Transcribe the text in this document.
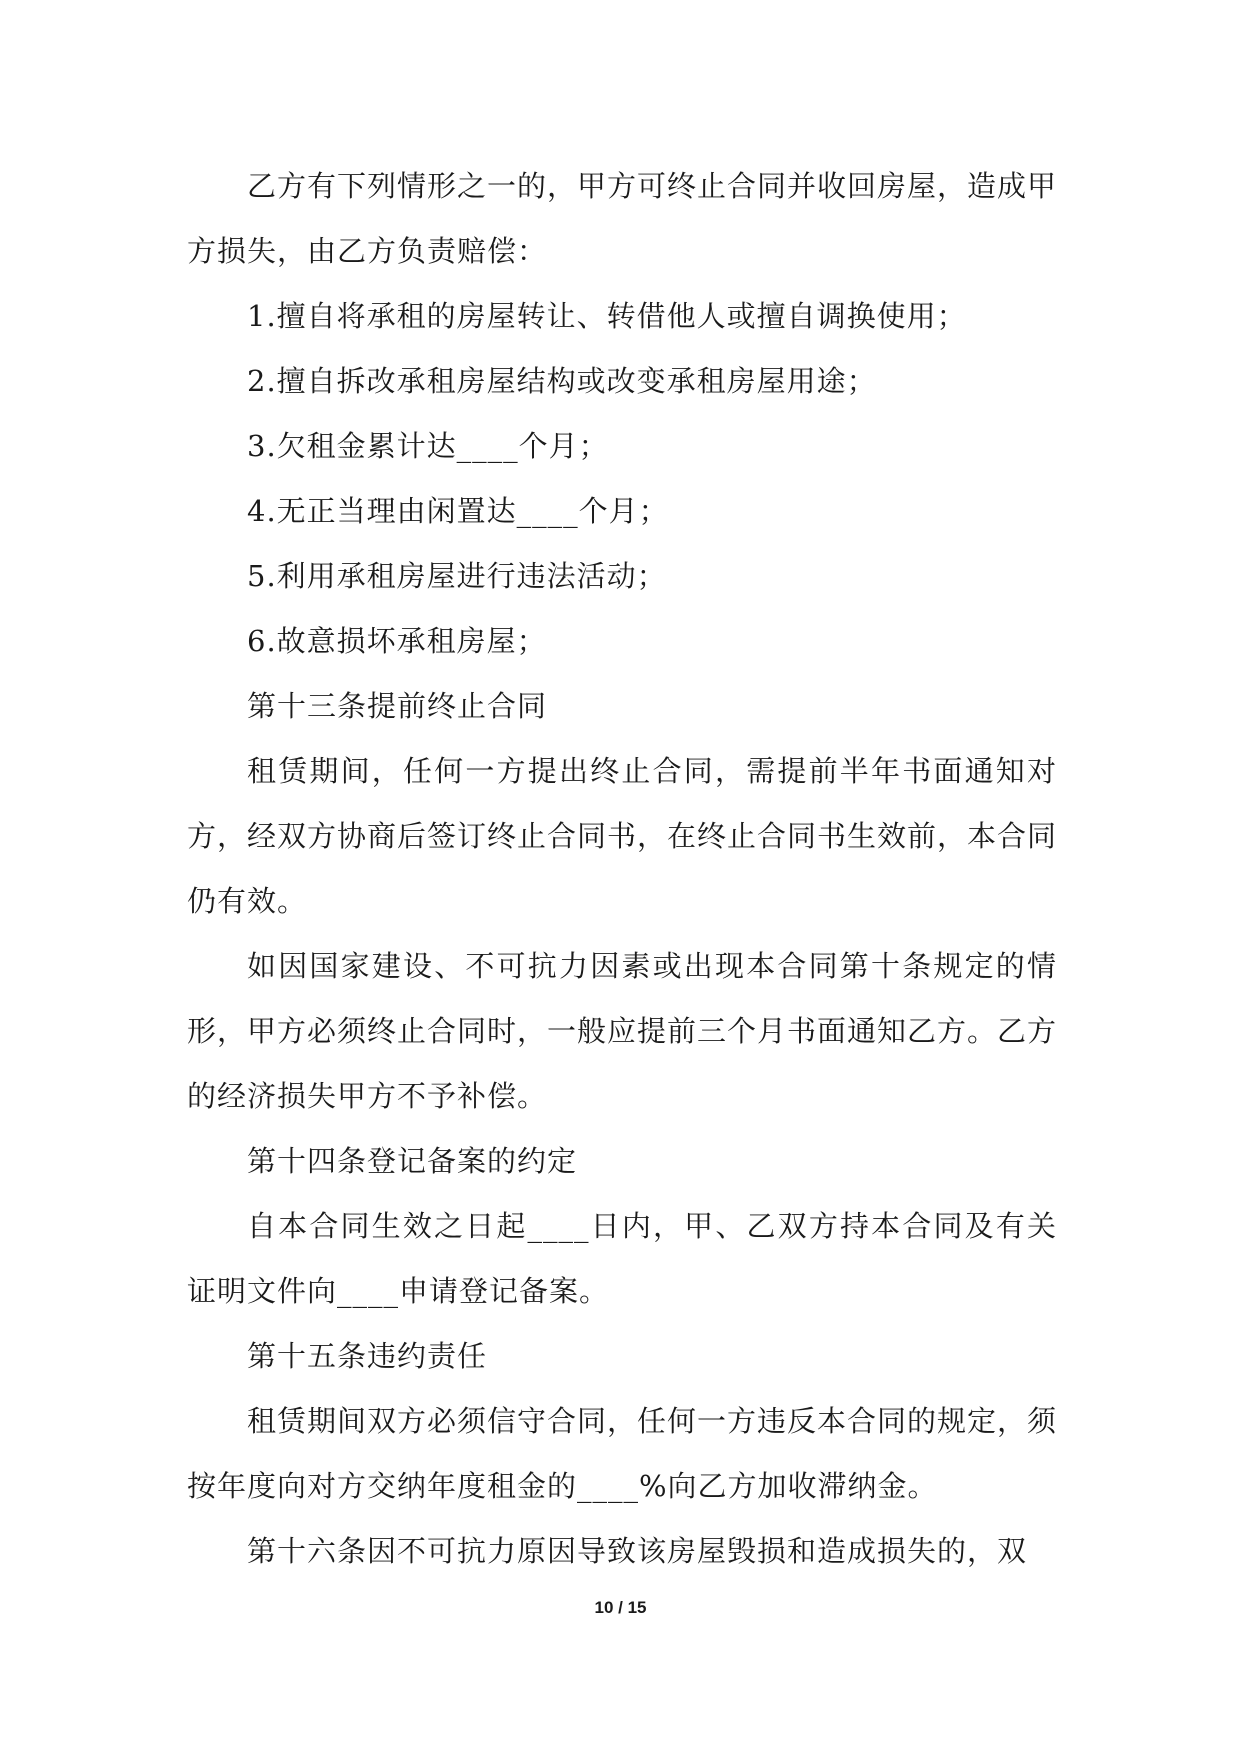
乙方有下列情形之一的，甲方可终止合同并收回房屋，造成甲方损失，由乙方负责赔偿：

1.擅自将承租的房屋转让、转借他人或擅自调换使用；

2.擅自拆改承租房屋结构或改变承租房屋用途；

3.欠租金累计达____个月；

4.无正当理由闲置达____个月；

5.利用承租房屋进行违法活动；

6.故意损坏承租房屋；

第十三条提前终止合同

租赁期间，任何一方提出终止合同，需提前半年书面通知对方，经双方协商后签订终止合同书，在终止合同书生效前，本合同仍有效。

如因国家建设、不可抗力因素或出现本合同第十条规定的情形，甲方必须终止合同时，一般应提前三个月书面通知乙方。乙方的经济损失甲方不予补偿。

第十四条登记备案的约定

自本合同生效之日起____日内，甲、乙双方持本合同及有关证明文件向____申请登记备案。

第十五条违约责任

租赁期间双方必须信守合同，任何一方违反本合同的规定，须按年度向对方交纳年度租金的____%向乙方加收滞纳金。

第十六条因不可抗力原因导致该房屋毁损和造成损失的，双

10 / 15
